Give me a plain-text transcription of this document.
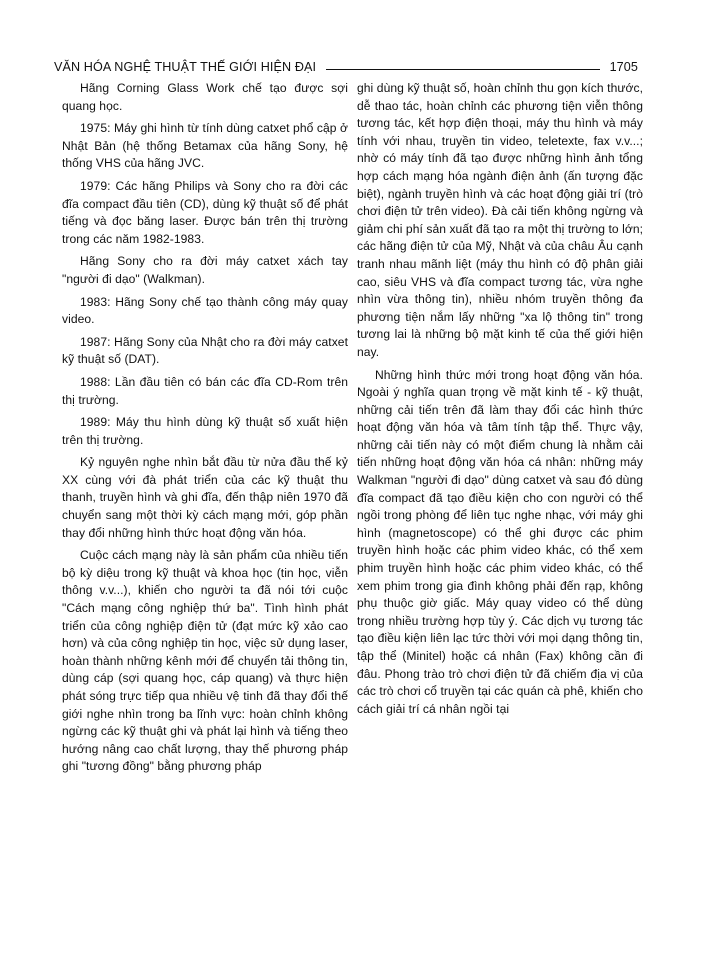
VĂN HÓA NGHỆ THUẬT THẾ GIỚI HIỆN ĐẠI	1705

Hãng Corning Glass Work chế tạo được sợi quang học.

1975: Máy ghi hình từ tính dùng catxet phổ cập ở Nhật Bản (hệ thống Betamax của hãng Sony, hệ thống VHS của hãng JVC.

1979: Các hãng Philips và Sony cho ra đời các đĩa compact đầu tiên (CD), dùng kỹ thuật số để phát tiếng và đọc băng laser. Được bán trên thị trường trong các năm 1982-1983.

Hãng Sony cho ra đời máy catxet xách tay "người đi dạo" (Walkman).

1983: Hãng Sony chế tạo thành công máy quay video.

1987: Hãng Sony của Nhật cho ra đời máy catxet kỹ thuật số (DAT).

1988: Lần đầu tiên có bán các đĩa CD-Rom trên thị trường.

1989: Máy thu hình dùng kỹ thuật số xuất hiện trên thị trường.

Kỷ nguyên nghe nhìn bắt đầu từ nửa đầu thế kỷ XX cùng với đà phát triển của các kỹ thuật thu thanh, truyền hình và ghi đĩa, đến thập niên 1970 đã chuyển sang một thời kỳ cách mạng mới, góp phần thay đổi những hình thức hoạt động văn hóa.

Cuộc cách mạng này là sản phẩm của nhiều tiến bộ kỳ diệu trong kỹ thuật và khoa học (tin học, viễn thông v.v...), khiến cho người ta đã nói tới cuộc "Cách mạng công nghiệp thứ ba". Tình hình phát triển của công nghiệp điện tử (đạt mức kỹ xảo cao hơn) và của công nghiệp tin học, việc sử dụng laser, hoàn thành những kênh mới để chuyển tải thông tin, dùng cáp (sợi quang học, cáp quang) và thực hiện phát sóng trực tiếp qua nhiều vệ tinh đã thay đổi thế giới nghe nhìn trong ba lĩnh vực: hoàn chỉnh không ngừng các kỹ thuật ghi và phát lại hình và tiếng theo hướng nâng cao chất lượng, thay thế phương pháp ghi "tương đồng" bằng phương pháp

ghi dùng kỹ thuật số, hoàn chỉnh thu gọn kích thước, dễ thao tác, hoàn chỉnh các phương tiện viễn thông tương tác, kết hợp điện thoại, máy thu hình và máy tính với nhau, truyền tin video, teletexte, fax v.v...; nhờ có máy tính đã tạo được những hình ảnh tổng hợp cách mạng hóa ngành điện ảnh (ấn tượng đặc biệt), ngành truyền hình và các hoạt động giải trí (trò chơi điện tử trên video). Đà cải tiến không ngừng và giảm chi phí sản xuất đã tạo ra một thị trường to lớn; các hãng điện tử của Mỹ, Nhật và của châu Âu cạnh tranh nhau mãnh liệt (máy thu hình có độ phân giải cao, siêu VHS và đĩa compact tương tác, vừa nghe nhìn vừa thông tin), nhiều nhóm truyền thông đa phương tiện nắm lấy những "xa lộ thông tin" trong tương lai là những bộ mặt kinh tế của thế giới hiện nay.

Những hình thức mới trong hoạt động văn hóa. Ngoài ý nghĩa quan trọng về mặt kinh tế - kỹ thuật, những cải tiến trên đã làm thay đổi các hình thức hoạt động văn hóa và tâm tính tập thể. Thực vậy, những cải tiến này có một điểm chung là nhằm cải tiến những hoạt động văn hóa cá nhân: những máy Walkman "người đi dạo" dùng catxet và sau đó dùng đĩa compact đã tạo điều kiện cho con người có thể ngồi trong phòng để liên tục nghe nhạc, với máy ghi hình (magnetoscope) có thể ghi được các phim truyền hình hoặc các phim video khác, có thể xem phim truyền hình hoặc các phim video khác, có thể xem phim trong gia đình không phải đến rạp, không phụ thuộc giờ giấc. Máy quay video có thể dùng trong nhiều trường hợp tùy ý. Các dịch vụ tương tác tạo điều kiện liên lạc tức thời với mọi dạng thông tin, tập thể (Minitel) hoặc cá nhân (Fax) không cần đi đâu. Phong trào trò chơi điện tử đã chiếm địa vị của các trò chơi cổ truyền tại các quán cà phê, khiến cho cách giải trí cá nhân ngồi tại
